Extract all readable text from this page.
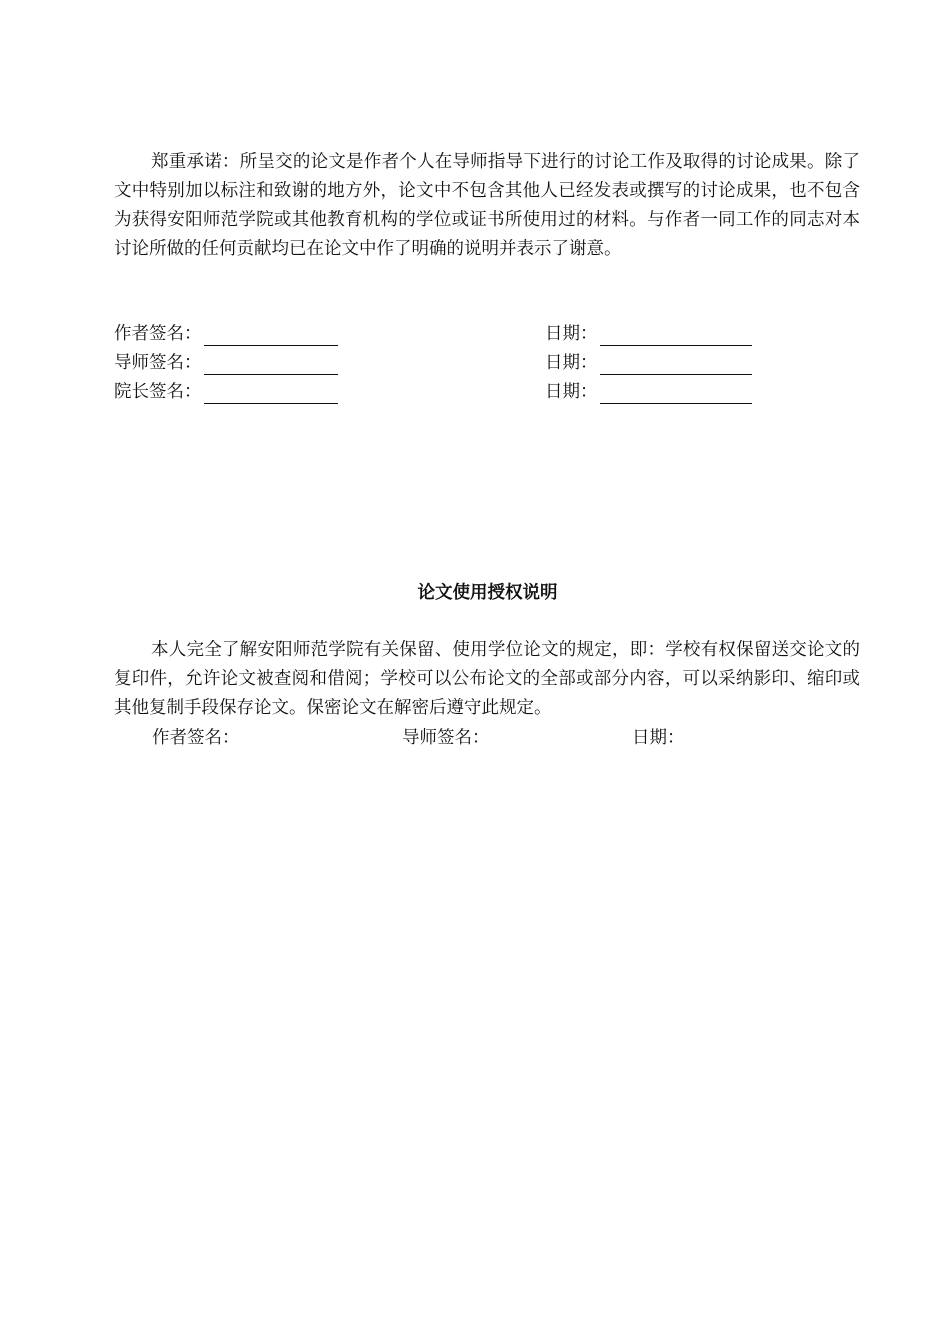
郑重承诺：所呈交的论文是作者个人在导师指导下进行的讨论工作及取得的讨论成果。除了文中特别加以标注和致谢的地方外，论文中不包含其他人已经发表或撰写的讨论成果，也不包含为获得安阳师范学院或其他教育机构的学位或证书所使用过的材料。与作者一同工作的同志对本讨论所做的任何贡献均已在论文中作了明确的说明并表示了谢意。

作者签名：	日期：
导师签名：	日期：
院长签名：	日期：
论文使用授权说明

本人完全了解安阳师范学院有关保留、使用学位论文的规定，即：学校有权保留送交论文的复印件，允许论文被查阅和借阅；学校可以公布论文的全部或部分内容，可以采纳影印、缩印或其他复制手段保存论文。保密论文在解密后遵守此规定。

作者签名：	导师签名：	日期：
